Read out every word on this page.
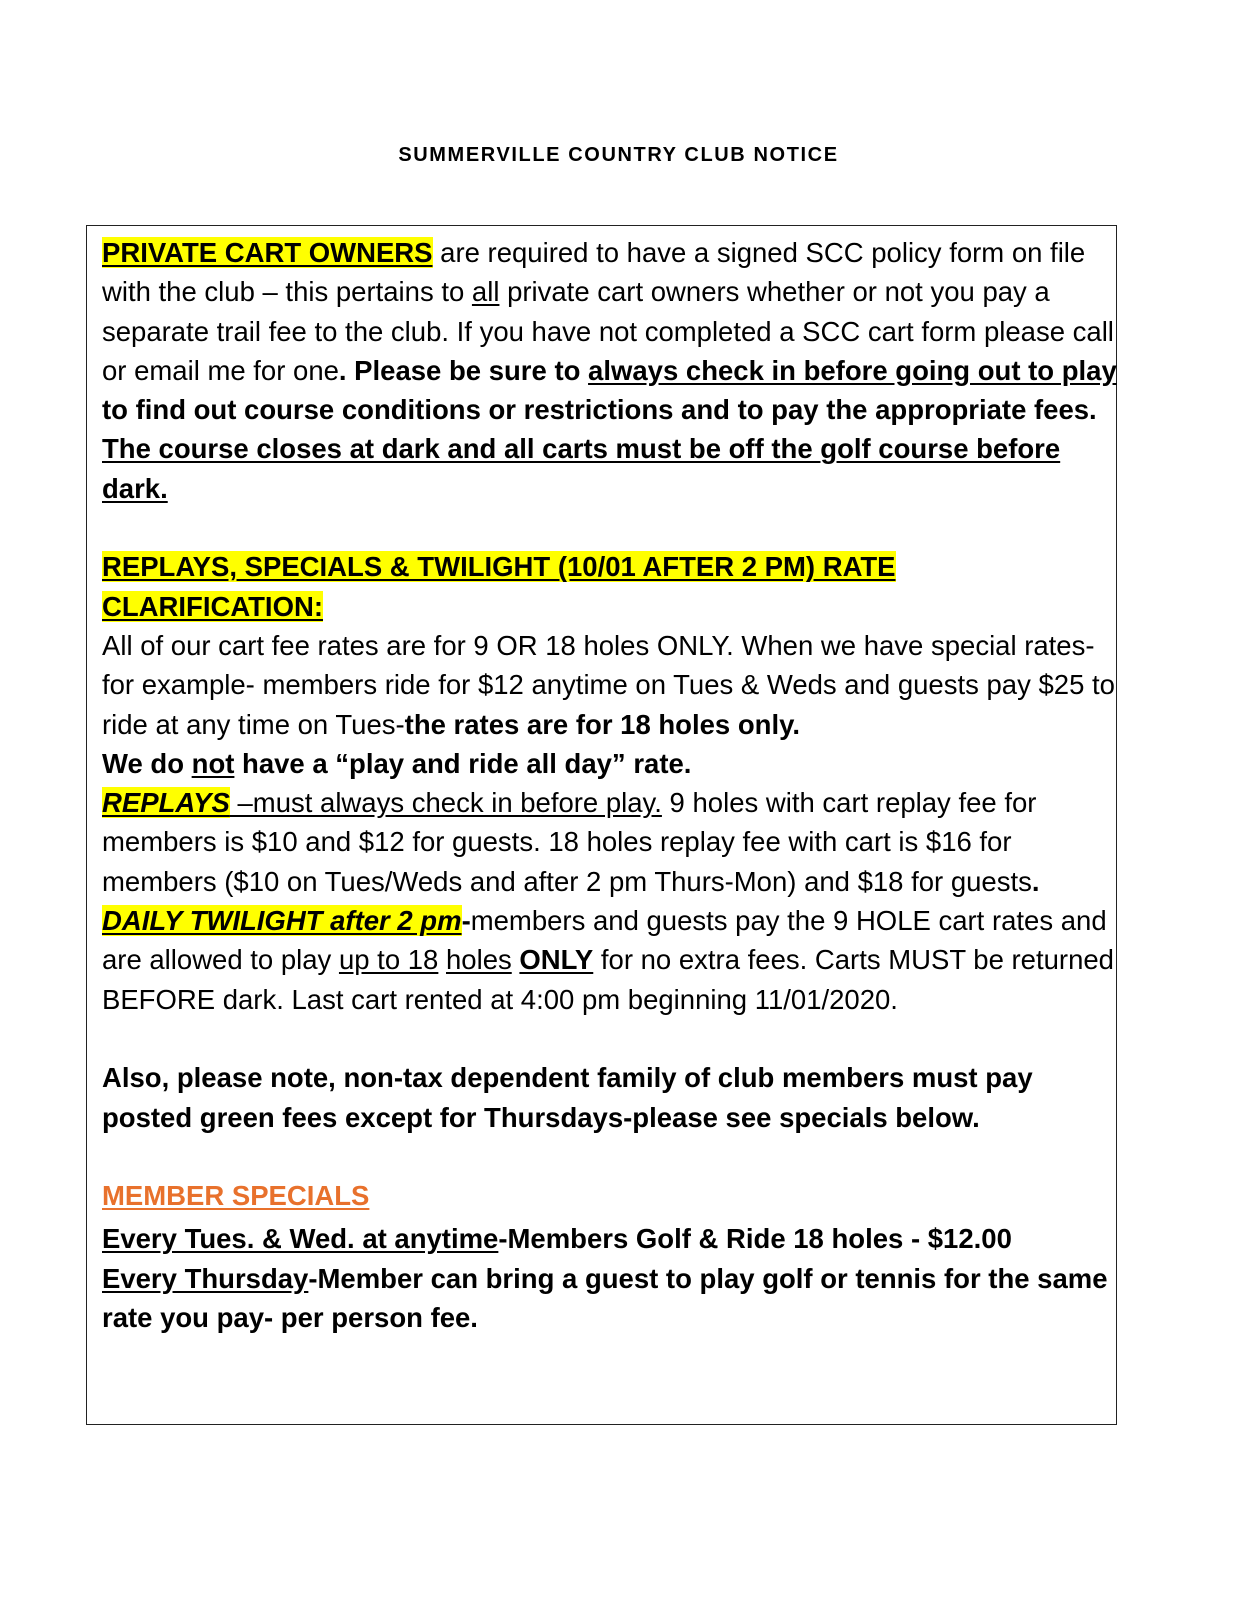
SUMMERVILLE COUNTRY CLUB NOTICE

PRIVATE CART OWNERS are required to have a signed SCC policy form on file with the club – this pertains to all private cart owners whether or not you pay a separate trail fee to the club. If you have not completed a SCC cart form please call or email me for one. Please be sure to always check in before going out to play to find out course conditions or restrictions and to pay the appropriate fees. The course closes at dark and all carts must be off the golf course before dark.

REPLAYS, SPECIALS & TWILIGHT (10/01 AFTER 2 PM) RATE CLARIFICATION:

All of our cart fee rates are for 9 OR 18 holes ONLY. When we have special rates-for example- members ride for $12 anytime on Tues & Weds and guests pay $25 to ride at any time on Tues-the rates are for 18 holes only.
We do not have a “play and ride all day” rate.

REPLAYS –must always check in before play. 9 holes with cart replay fee for members is $10 and $12 for guests. 18 holes replay fee with cart is $16 for members ($10 on Tues/Weds and after 2 pm Thurs-Mon) and $18 for guests.

DAILY TWILIGHT after 2 pm-members and guests pay the 9 HOLE cart rates and are allowed to play up to 18 holes ONLY for no extra fees. Carts MUST be returned BEFORE dark. Last cart rented at 4:00 pm beginning 11/01/2020.

Also, please note, non-tax dependent family of club members must pay posted green fees except for Thursdays-please see specials below.

MEMBER SPECIALS

Every Tues. & Wed. at anytime-Members Golf & Ride 18 holes - $12.00

Every Thursday-Member can bring a guest to play golf or tennis for the same rate you pay- per person fee.
